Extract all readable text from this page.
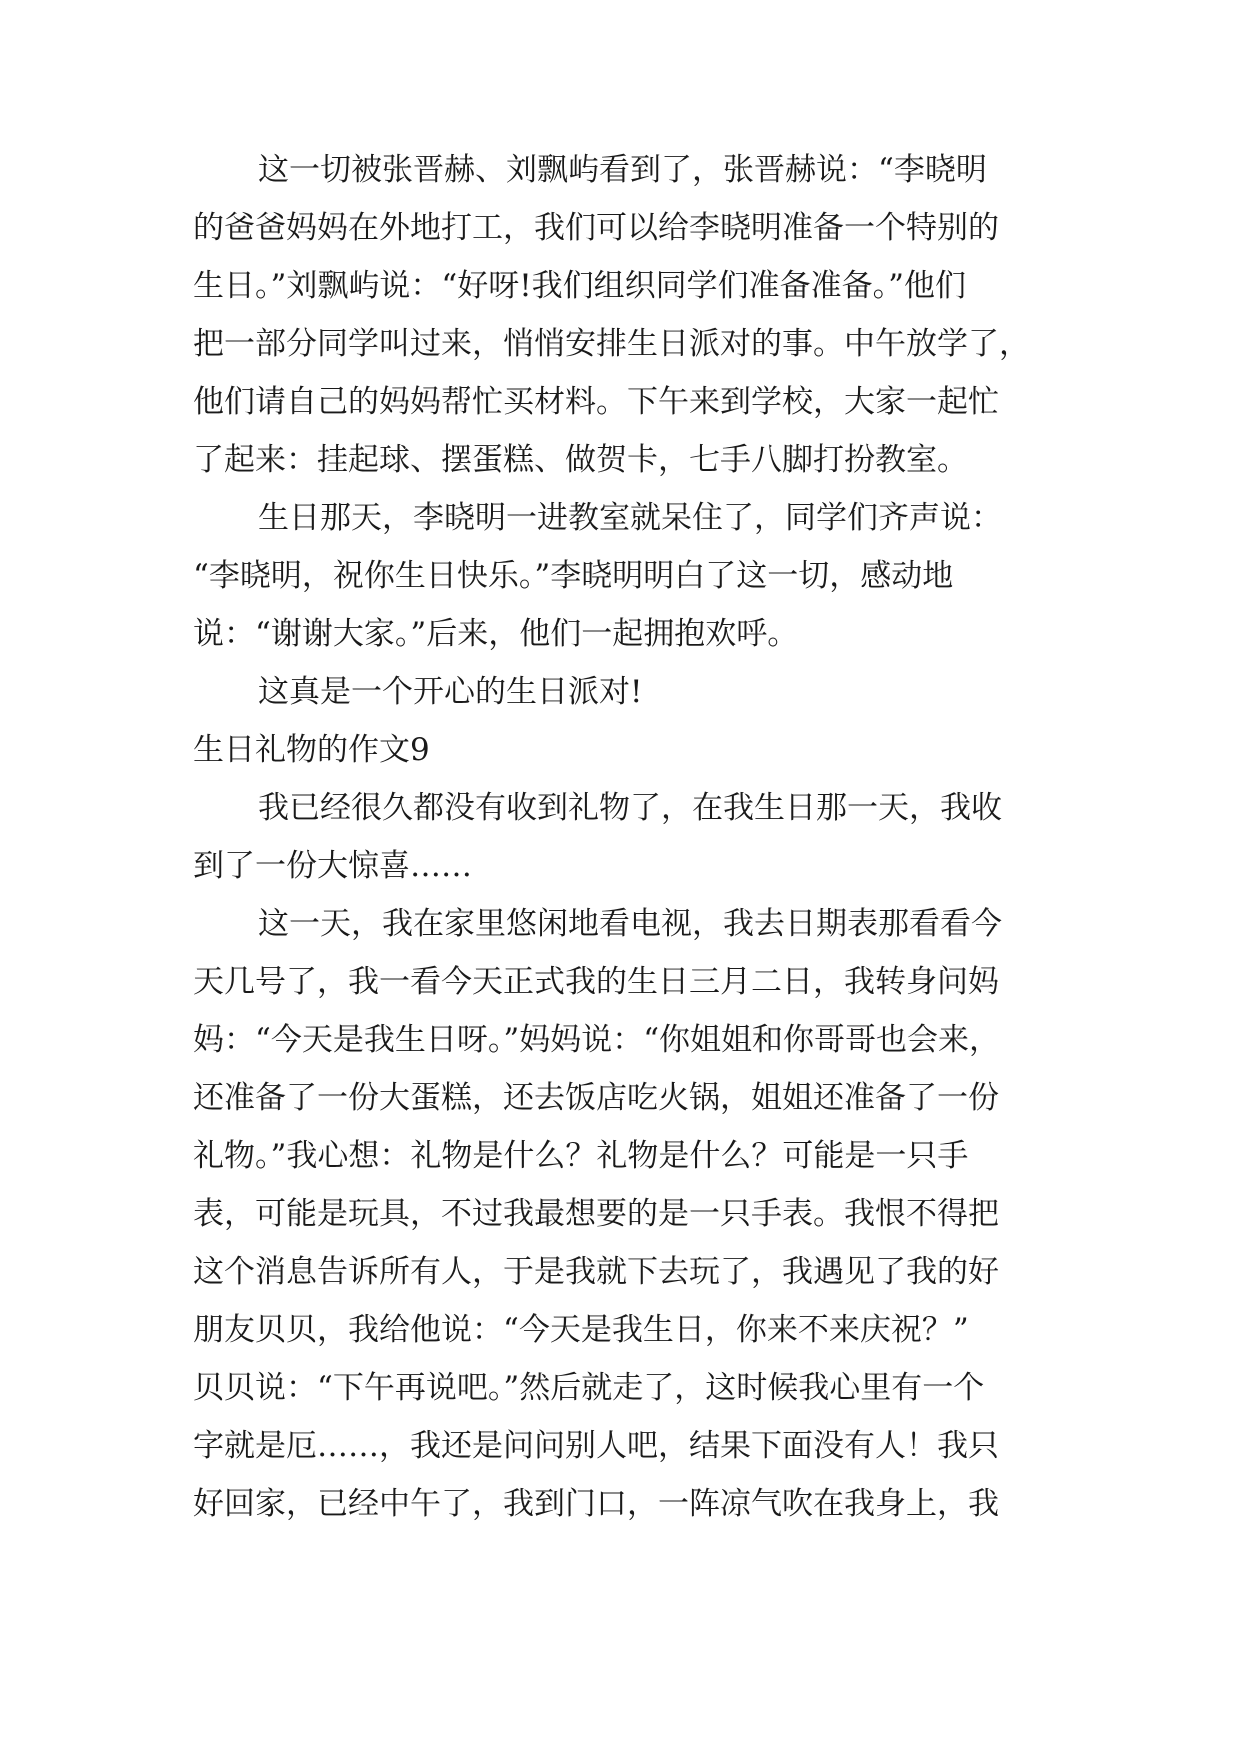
这一切被张晋赫、刘飘屿看到了，张晋赫说：“李晓明
的爸爸妈妈在外地打工，我们可以给李晓明准备一个特别的
生日。”刘飘屿说：“好呀!我们组织同学们准备准备。”他们
把一部分同学叫过来，悄悄安排生日派对的事。中午放学了，
他们请自己的妈妈帮忙买材料。下午来到学校，大家一起忙
了起来：挂起球、摆蛋糕、做贺卡，七手八脚打扮教室。
生日那天，李晓明一进教室就呆住了，同学们齐声说：
“李晓明，祝你生日快乐。”李晓明明白了这一切，感动地
说：“谢谢大家。”后来，他们一起拥抱欢呼。
这真是一个开心的生日派对!
生日礼物的作文9
我已经很久都没有收到礼物了，在我生日那一天，我收
到了一份大惊喜……
这一天，我在家里悠闲地看电视，我去日期表那看看今
天几号了，我一看今天正式我的生日三月二日，我转身问妈
妈：“今天是我生日呀。”妈妈说：“你姐姐和你哥哥也会来，
还准备了一份大蛋糕，还去饭店吃火锅，姐姐还准备了一份
礼物。”我心想：礼物是什么？礼物是什么？可能是一只手
表，可能是玩具，不过我最想要的是一只手表。我恨不得把
这个消息告诉所有人，于是我就下去玩了，我遇见了我的好
朋友贝贝，我给他说：“今天是我生日，你来不来庆祝？”
贝贝说：“下午再说吧。”然后就走了，这时候我心里有一个
字就是厄……，我还是问问别人吧，结果下面没有人！我只
好回家，已经中午了，我到门口，一阵凉气吹在我身上，我
